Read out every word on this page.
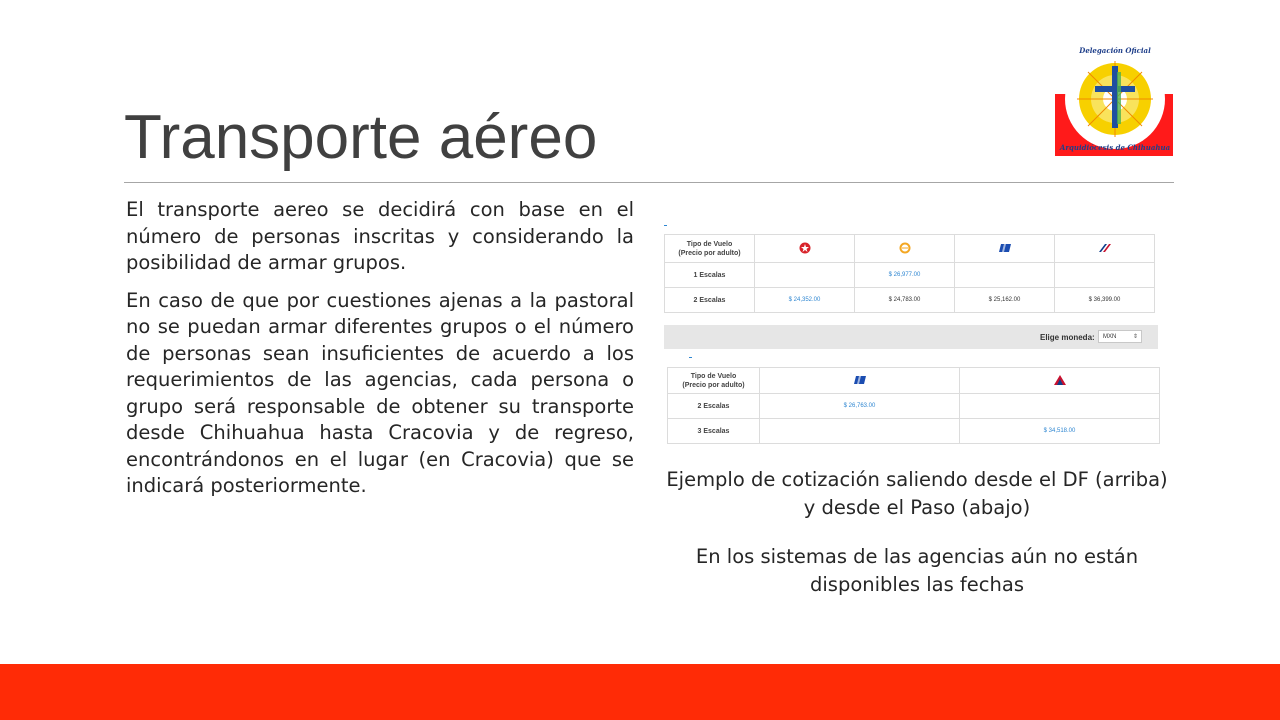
Transporte aéreo
Delegación Oficial
Arquidiócesis de Chihuahua

El transporte aereo se decidirá con base en el número de personas inscritas y considerando la posibilidad de armar grupos.

En caso de que por cuestiones ajenas a la pastoral no se puedan armar diferentes grupos o el número de personas sean insuficientes de acuerdo a los requerimientos de las agencias, cada persona o grupo será responsable de obtener su transporte desde Chihuahua hasta Cracovia y de regreso, encontrándonos en el lugar (en Cracovia) que se indicará posteriormente.

Tipo de Vuelo
(Precio por adulto)				
1 Escalas		$ 26,977.00		
2 Escalas	$ 24,352.00	$ 24,783.00	$ 25,162.00	$ 36,399.00
Elige moneda:	MXN	⇕
Tipo de Vuelo
(Precio por adulto)		
2 Escalas	$ 26,763.00	
3 Escalas		$ 34,518.00

Ejemplo de cotización saliendo desde el DF (arriba) y desde el Paso (abajo)

En los sistemas de las agencias aún no están disponibles las fechas
